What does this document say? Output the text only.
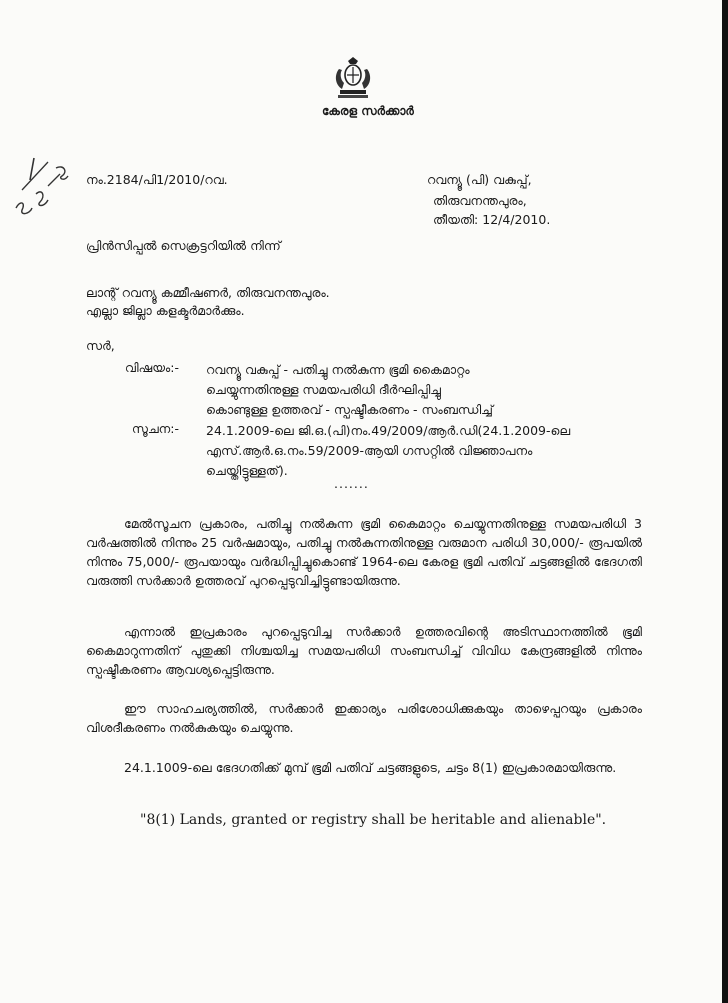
കേരള സർക്കാർ
നം.2184/പി1/2010/റവ.	റവന്യൂ (പി) വകുപ്പ്,
തിരുവനന്തപുരം,
തീയതി: 12/4/2010.
പ്രിൻസിപ്പൽ സെക്രട്ടറിയിൽ നിന്ന്
ലാന്റ് റവന്യൂ കമ്മീഷണർ, തിരുവനന്തപുരം.
എല്ലാ ജില്ലാ കളക്ടർമാർക്കും.
സർ,
വിഷയം:- റവന്യൂ വകുപ്പ് - പതിച്ചു നൽകുന്ന ഭൂമി കൈമാറ്റം
ചെയ്യുന്നതിനുള്ള സമയപരിധി ദീർഘിപ്പിച്ചു
കൊണ്ടുള്ള ഉത്തരവ് - സ്പഷ്ടീകരണം - സംബന്ധിച്ച്
സൂചന:- 24.1.2009-ലെ ജി.ഒ.(പി)നം.49/2009/ആർ.ഡി(24.1.2009-ലെ
എസ്.ആർ.ഒ.നം.59/2009-ആയി ഗസറ്റിൽ വിജ്ഞാപനം
ചെയ്തിട്ടുള്ളത്).
.......
മേൽസൂചന പ്രകാരം, പതിച്ചു നൽകുന്ന ഭൂമി കൈമാറ്റം ചെയ്യുന്നതിനുള്ള സമയപരിധി 3 വർഷത്തിൽ നിന്നും 25 വർഷമായും, പതിച്ചു നൽകുന്നതിനുള്ള വരുമാന പരിധി 30,000/- രൂപയിൽ നിന്നും 75,000/- രൂപയായും വർദ്ധിപ്പിച്ചുകൊണ്ട് 1964-ലെ കേരള ഭൂമി പതിവ് ചട്ടങ്ങളിൽ ഭേദഗതി വരുത്തി സർക്കാർ ഉത്തരവ് പുറപ്പെടുവിച്ചിട്ടുണ്ടായിരുന്നു.
എന്നാൽ ഇപ്രകാരം പുറപ്പെടുവിച്ച സർക്കാർ ഉത്തരവിന്റെ അടിസ്ഥാനത്തിൽ ഭൂമി കൈമാറുന്നതിന് പുതുക്കി നിശ്ചയിച്ച സമയപരിധി സംബന്ധിച്ച് വിവിധ കേന്ദ്രങ്ങളിൽ നിന്നും സ്പഷ്ടീകരണം ആവശ്യപ്പെട്ടിരുന്നു.
ഈ സാഹചര്യത്തിൽ, സർക്കാർ ഇക്കാര്യം പരിശോധിക്കുകയും താഴെപ്പറയും പ്രകാരം വിശദീകരണം നൽകുകയും ചെയ്യുന്നു.
24.1.1009-ലെ ഭേദഗതിക്ക് മുമ്പ് ഭൂമി പതിവ് ചട്ടങ്ങളുടെ, ചട്ടം 8(1) ഇപ്രകാരമായിരുന്നു.
"8(1) Lands, granted or registry shall be heritable and alienable".
